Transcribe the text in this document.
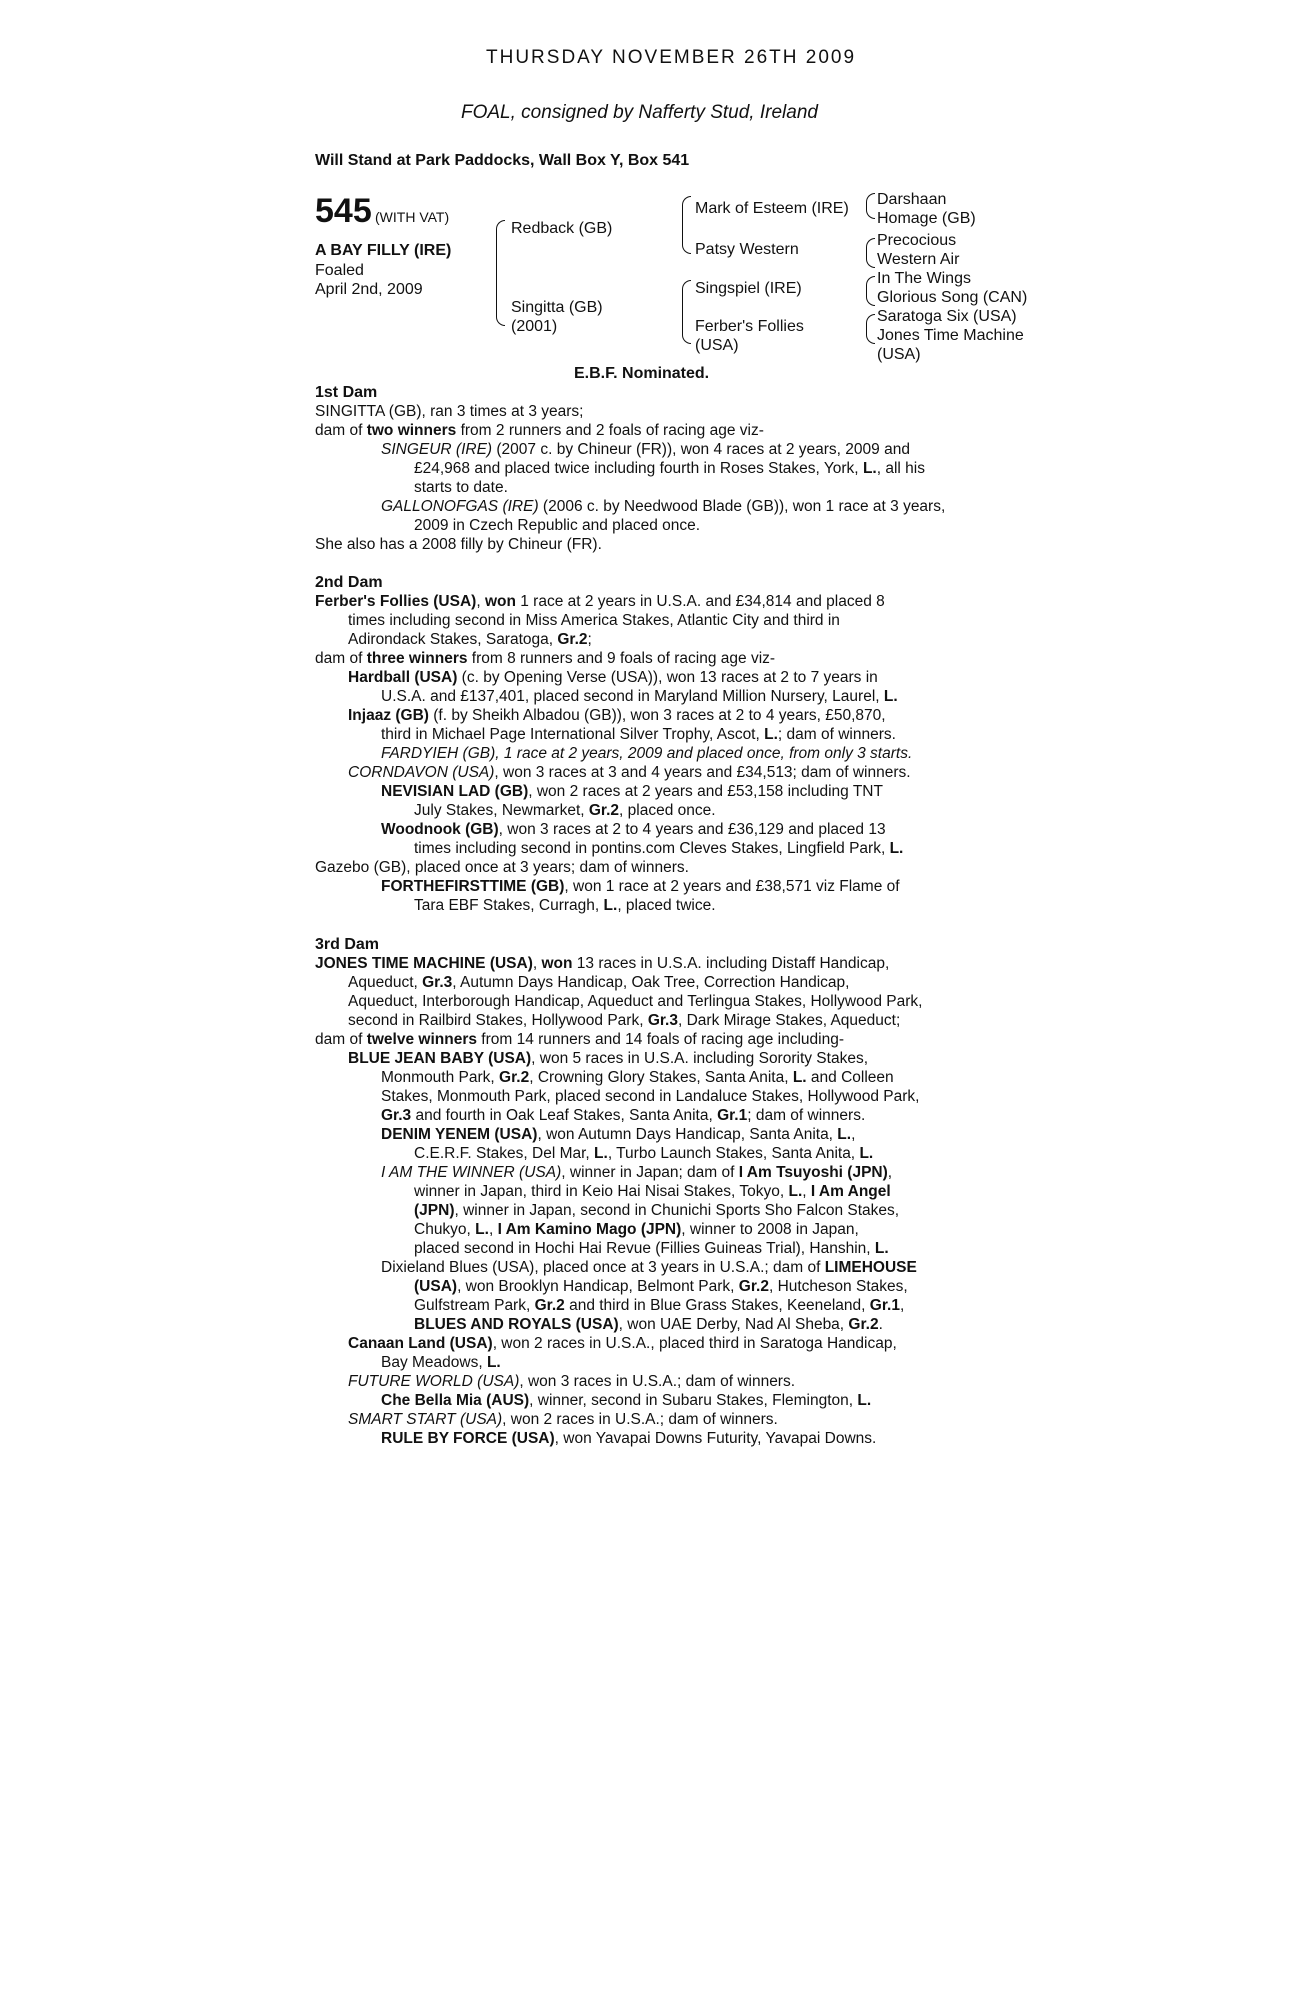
THURSDAY NOVEMBER 26TH 2009
FOAL, consigned by Nafferty Stud, Ireland
Will Stand at Park Paddocks, Wall Box Y, Box 541
545 (WITH VAT)
A BAY FILLY (IRE)
Foaled
April 2nd, 2009
Redback (GB)
Singitta (GB)
(2001)
Mark of Esteem (IRE)
Patsy Western
Singspiel (IRE)
Ferber's Follies
(USA)
Darshaan
Homage (GB)
Precocious
Western Air
In The Wings
Glorious Song (CAN)
Saratoga Six (USA)
Jones Time Machine
(USA)
E.B.F. Nominated.
1st Dam
SINGITTA (GB), ran 3 times at 3 years;
dam of two winners from 2 runners and 2 foals of racing age viz-
SINGEUR (IRE) (2007 c. by Chineur (FR)), won 4 races at 2 years, 2009 and
£24,968 and placed twice including fourth in Roses Stakes, York, L., all his
starts to date.
GALLONOFGAS (IRE) (2006 c. by Needwood Blade (GB)), won 1 race at 3 years,
2009 in Czech Republic and placed once.
She also has a 2008 filly by Chineur (FR).
2nd Dam
Ferber's Follies (USA), won 1 race at 2 years in U.S.A. and £34,814 and placed 8
times including second in Miss America Stakes, Atlantic City and third in
Adirondack Stakes, Saratoga, Gr.2;
dam of three winners from 8 runners and 9 foals of racing age viz-
Hardball (USA) (c. by Opening Verse (USA)), won 13 races at 2 to 7 years in
U.S.A. and £137,401, placed second in Maryland Million Nursery, Laurel, L.
Injaaz (GB) (f. by Sheikh Albadou (GB)), won 3 races at 2 to 4 years, £50,870,
third in Michael Page International Silver Trophy, Ascot, L.; dam of winners.
FARDYIEH (GB), 1 race at 2 years, 2009 and placed once, from only 3 starts.
CORNDAVON (USA), won 3 races at 3 and 4 years and £34,513; dam of winners.
NEVISIAN LAD (GB), won 2 races at 2 years and £53,158 including TNT
July Stakes, Newmarket, Gr.2, placed once.
Woodnook (GB), won 3 races at 2 to 4 years and £36,129 and placed 13
times including second in pontins.com Cleves Stakes, Lingfield Park, L.
Gazebo (GB), placed once at 3 years; dam of winners.
FORTHEFIRSTTIME (GB), won 1 race at 2 years and £38,571 viz Flame of
Tara EBF Stakes, Curragh, L., placed twice.
3rd Dam
JONES TIME MACHINE (USA), won 13 races in U.S.A. including Distaff Handicap,
Aqueduct, Gr.3, Autumn Days Handicap, Oak Tree, Correction Handicap,
Aqueduct, Interborough Handicap, Aqueduct and Terlingua Stakes, Hollywood Park,
second in Railbird Stakes, Hollywood Park, Gr.3, Dark Mirage Stakes, Aqueduct;
dam of twelve winners from 14 runners and 14 foals of racing age including-
BLUE JEAN BABY (USA), won 5 races in U.S.A. including Sorority Stakes,
Monmouth Park, Gr.2, Crowning Glory Stakes, Santa Anita, L. and Colleen
Stakes, Monmouth Park, placed second in Landaluce Stakes, Hollywood Park,
Gr.3 and fourth in Oak Leaf Stakes, Santa Anita, Gr.1; dam of winners.
DENIM YENEM (USA), won Autumn Days Handicap, Santa Anita, L.,
C.E.R.F. Stakes, Del Mar, L., Turbo Launch Stakes, Santa Anita, L.
I AM THE WINNER (USA), winner in Japan; dam of I Am Tsuyoshi (JPN),
winner in Japan, third in Keio Hai Nisai Stakes, Tokyo, L., I Am Angel
(JPN), winner in Japan, second in Chunichi Sports Sho Falcon Stakes,
Chukyo, L., I Am Kamino Mago (JPN), winner to 2008 in Japan,
placed second in Hochi Hai Revue (Fillies Guineas Trial), Hanshin, L.
Dixieland Blues (USA), placed once at 3 years in U.S.A.; dam of LIMEHOUSE
(USA), won Brooklyn Handicap, Belmont Park, Gr.2, Hutcheson Stakes,
Gulfstream Park, Gr.2 and third in Blue Grass Stakes, Keeneland, Gr.1,
BLUES AND ROYALS (USA), won UAE Derby, Nad Al Sheba, Gr.2.
Canaan Land (USA), won 2 races in U.S.A., placed third in Saratoga Handicap,
Bay Meadows, L.
FUTURE WORLD (USA), won 3 races in U.S.A.; dam of winners.
Che Bella Mia (AUS), winner, second in Subaru Stakes, Flemington, L.
SMART START (USA), won 2 races in U.S.A.; dam of winners.
RULE BY FORCE (USA), won Yavapai Downs Futurity, Yavapai Downs.
